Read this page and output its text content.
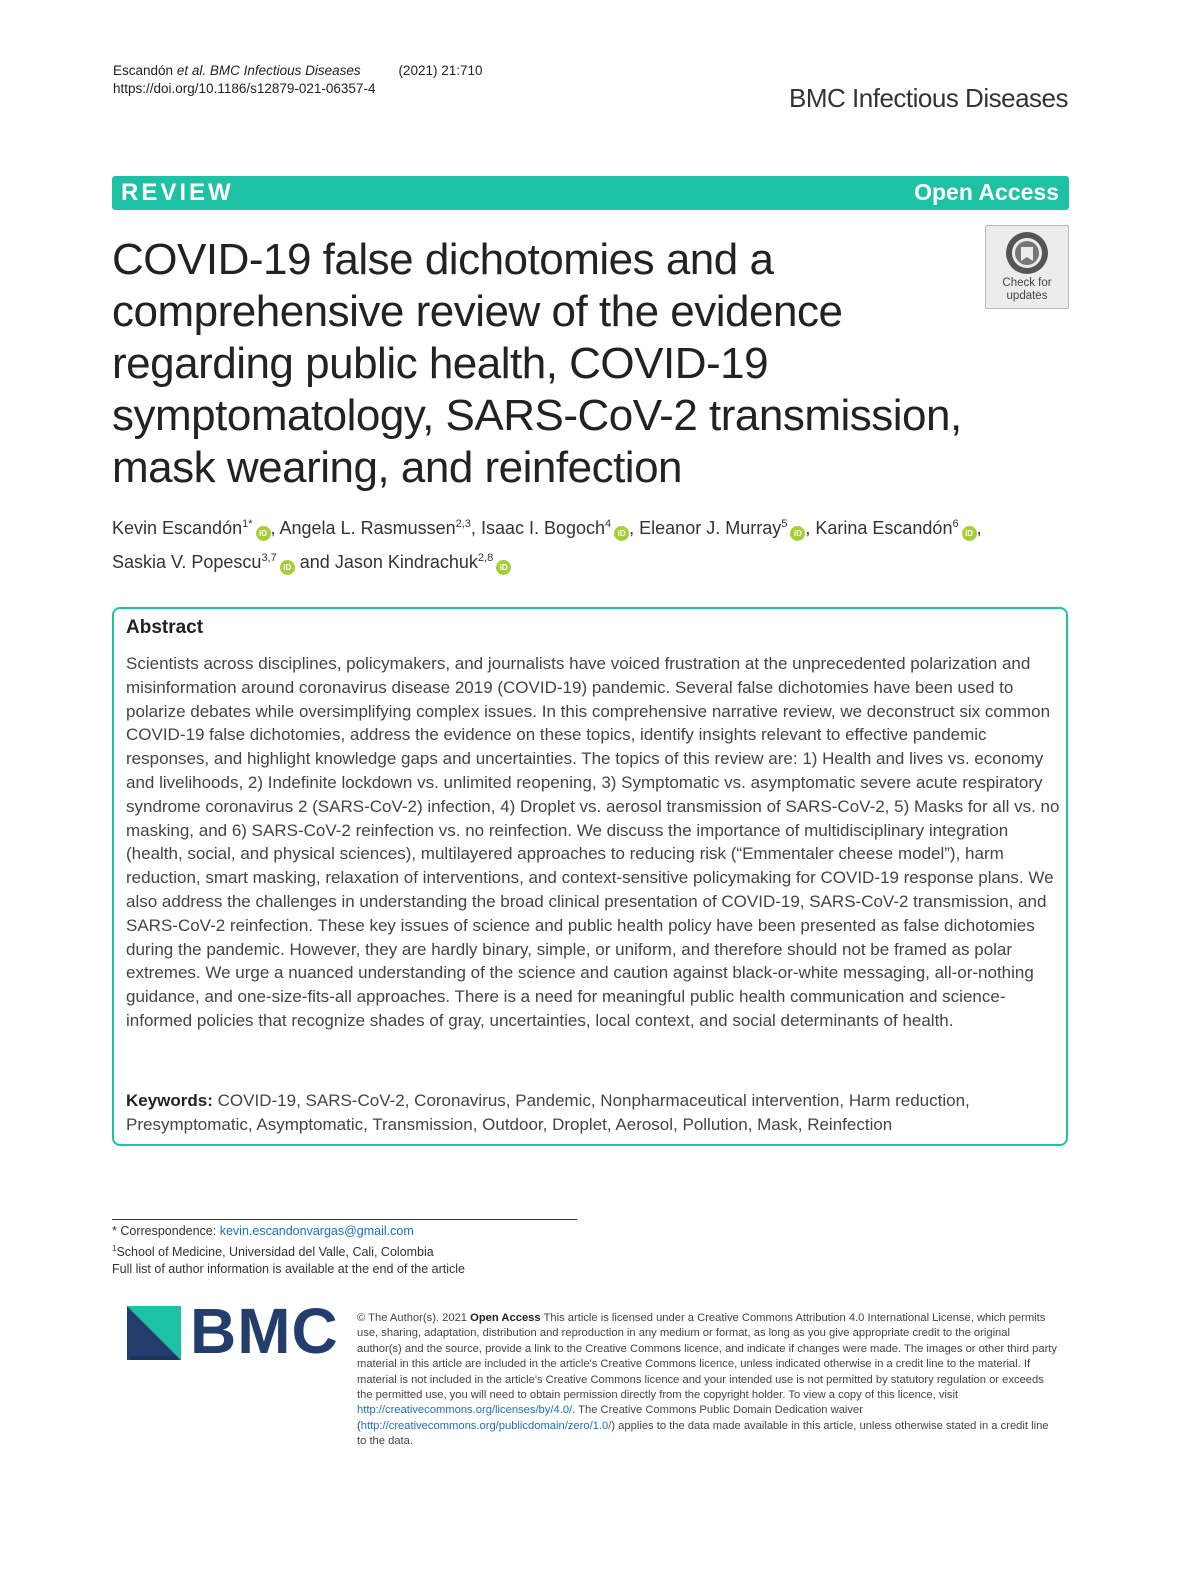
Escandón et al. BMC Infectious Diseases	(2021) 21:710
https://doi.org/10.1186/s12879-021-06357-4	BMC Infectious Diseases
REVIEW	Open Access
COVID-19 false dichotomies and a comprehensive review of the evidence regarding public health, COVID-19 symptomatology, SARS-CoV-2 transmission, mask wearing, and reinfection
Check for
updates
Kevin Escandón$^{1*}$iD , Angela L. Rasmussen$^{2,3}$, Isaac I. Bogoch$^4$iD , Eleanor J. Murray$^5$iD , Karina Escandón$^6$iD ,
Saskia V. Popescu$^{3,7}$iD and Jason Kindrachuk$^{2,8}$iD
Abstract

Scientists across disciplines, policymakers, and journalists have voiced frustration at the unprecedented polarization and misinformation around coronavirus disease 2019 (COVID-19) pandemic. Several false dichotomies have been used to polarize debates while oversimplifying complex issues. In this comprehensive narrative review, we deconstruct six common COVID-19 false dichotomies, address the evidence on these topics, identify insights relevant to effective pandemic responses, and highlight knowledge gaps and uncertainties. The topics of this review are: 1) Health and lives vs. economy and livelihoods, 2) Indefinite lockdown vs. unlimited reopening, 3) Symptomatic vs. asymptomatic severe acute respiratory syndrome coronavirus 2 (SARS-CoV-2) infection, 4) Droplet vs. aerosol transmission of SARS-CoV-2, 5) Masks for all vs. no masking, and 6) SARS-CoV-2 reinfection vs. no reinfection. We discuss the importance of multidisciplinary integration (health, social, and physical sciences), multilayered approaches to reducing risk (“Emmentaler cheese model”), harm reduction, smart masking, relaxation of interventions, and context-sensitive policymaking for COVID-19 response plans. We also address the challenges in understanding the broad clinical presentation of COVID-19, SARS-CoV-2 transmission, and SARS-CoV-2 reinfection. These key issues of science and public health policy have been presented as false dichotomies during the pandemic. However, they are hardly binary, simple, or uniform, and therefore should not be framed as polar extremes. We urge a nuanced understanding of the science and caution against black-or-white messaging, all-or-nothing guidance, and one-size-fits-all approaches. There is a need for meaningful public health communication and science-informed policies that recognize shades of gray, uncertainties, local context, and social determinants of health.

Keywords: COVID-19, SARS-CoV-2, Coronavirus, Pandemic, Nonpharmaceutical intervention, Harm reduction, Presymptomatic, Asymptomatic, Transmission, Outdoor, Droplet, Aerosol, Pollution, Mask, Reinfection

* Correspondence: kevin.escandonvargas@gmail.com
$^1$School of Medicine, Universidad del Valle, Cali, Colombia
Full list of author information is available at the end of the article
BMC © The Author(s). 2021 Open Access This article is licensed under a Creative Commons Attribution 4.0 International License, which permits use, sharing, adaptation, distribution and reproduction in any medium or format, as long as you give appropriate credit to the original author(s) and the source, provide a link to the Creative Commons licence, and indicate if changes were made. The images or other third party material in this article are included in the article's Creative Commons licence, unless indicated otherwise in a credit line to the material. If material is not included in the article's Creative Commons licence and your intended use is not permitted by statutory regulation or exceeds the permitted use, you will need to obtain permission directly from the copyright holder. To view a copy of this licence, visit http://creativecommons.org/licenses/by/4.0/. The Creative Commons Public Domain Dedication waiver (http://creativecommons.org/publicdomain/zero/1.0/) applies to the data made available in this article, unless otherwise stated in a credit line to the data.
